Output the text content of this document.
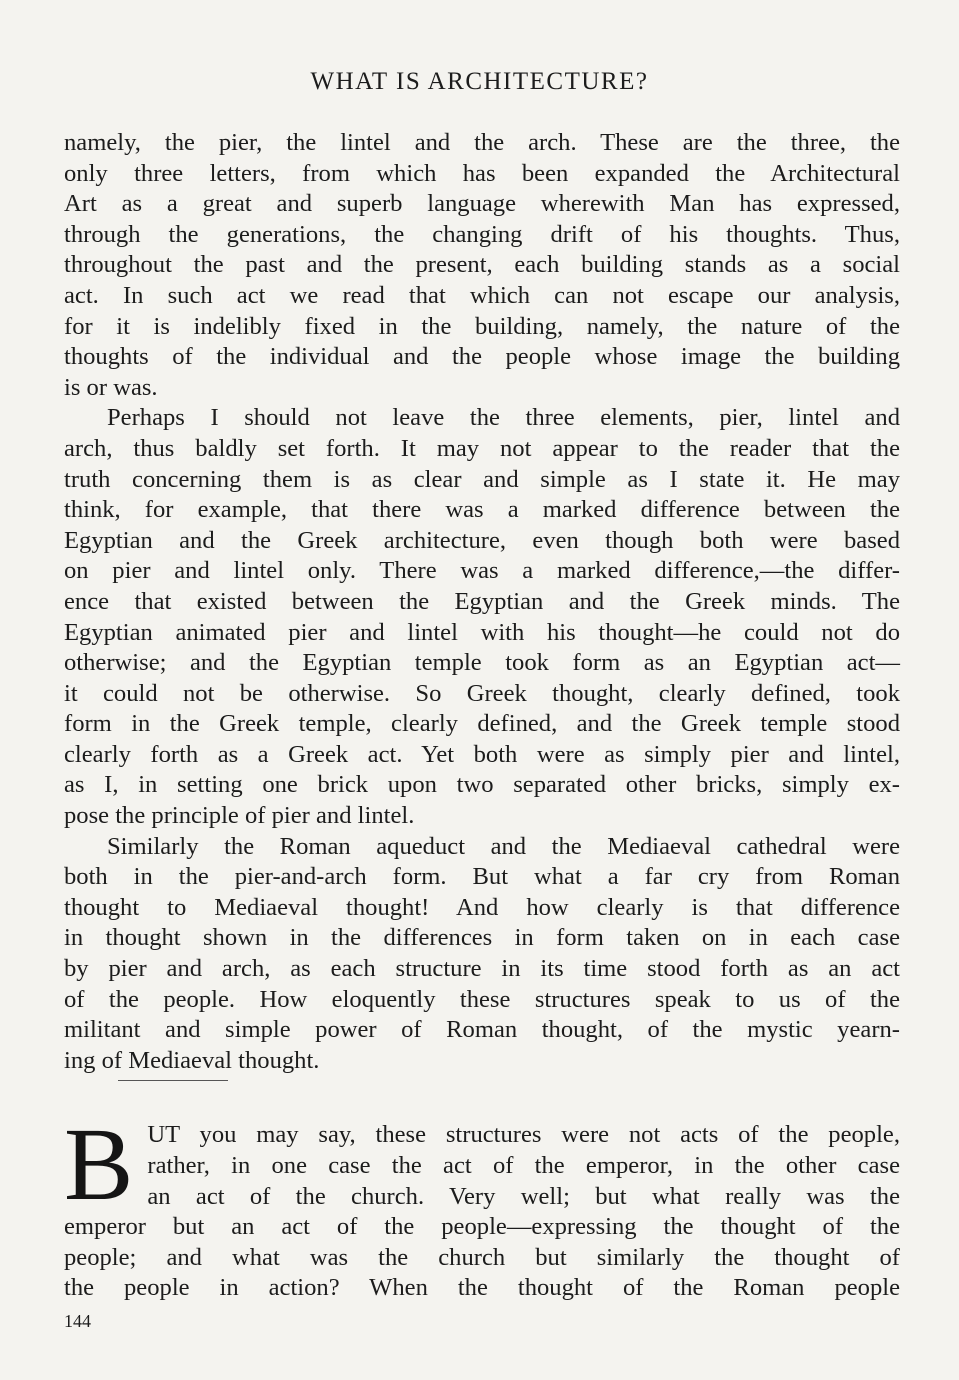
WHAT IS ARCHITECTURE?
namely, the pier, the lintel and the arch. These are the three, the
only three letters, from which has been expanded the Architectural
Art as a great and superb language wherewith Man has expressed,
through the generations, the changing drift of his thoughts. Thus,
throughout the past and the present, each building stands as a social
act. In such act we read that which can not escape our analysis,
for it is indelibly fixed in the building, namely, the nature of the
thoughts of the individual and the people whose image the building
is or was.
Perhaps I should not leave the three elements, pier, lintel and
arch, thus baldly set forth. It may not appear to the reader that the
truth concerning them is as clear and simple as I state it. He may
think, for example, that there was a marked difference between the
Egyptian and the Greek architecture, even though both were based
on pier and lintel only. There was a marked difference,—the differ-
ence that existed between the Egyptian and the Greek minds. The
Egyptian animated pier and lintel with his thought—he could not do
otherwise; and the Egyptian temple took form as an Egyptian act—
it could not be otherwise. So Greek thought, clearly defined, took
form in the Greek temple, clearly defined, and the Greek temple stood
clearly forth as a Greek act. Yet both were as simply pier and lintel,
as I, in setting one brick upon two separated other bricks, simply ex-
pose the principle of pier and lintel.
Similarly the Roman aqueduct and the Mediaeval cathedral were
both in the pier-and-arch form. But what a far cry from Roman
thought to Mediaeval thought! And how clearly is that difference
in thought shown in the differences in form taken on in each case
by pier and arch, as each structure in its time stood forth as an act
of the people. How eloquently these structures speak to us of the
militant and simple power of Roman thought, of the mystic yearn-
ing of Mediaeval thought.
B UT you may say, these structures were not acts of the people,
rather, in one case the act of the emperor, in the other case
an act of the church. Very well; but what really was the
emperor but an act of the people—expressing the thought of the
people; and what was the church but similarly the thought of
the people in action? When the thought of the Roman people
144
